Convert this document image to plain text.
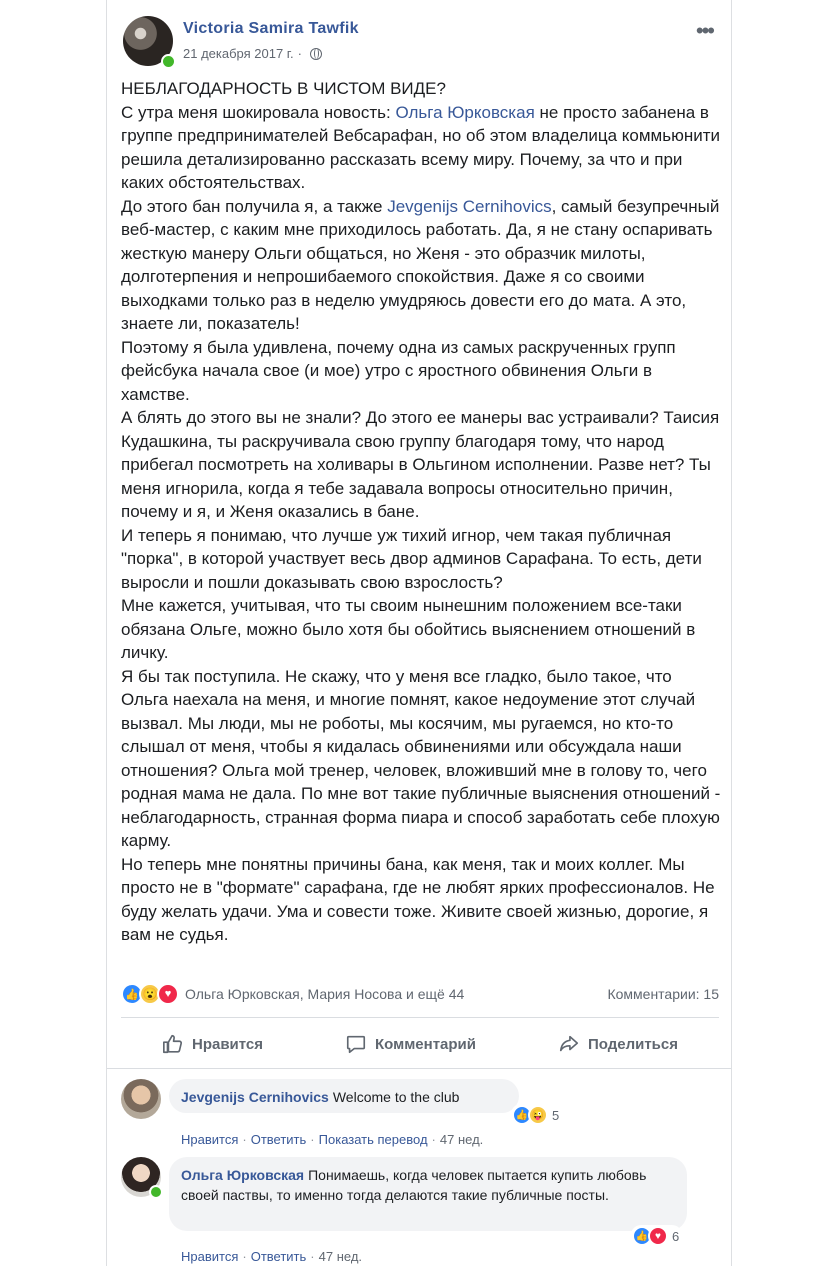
Victoria Samira Tawfik
21 декабря 2017 г. ·
•••

НЕБЛАГОДАРНОСТЬ В ЧИСТОМ ВИДЕ?

С утра меня шокировала новость: Ольга Юрковская не просто забанена в группе предпринимателей Вебсарафан, но об этом владелица коммьюнити решила детализированно рассказать всему миру. Почему, за что и при каких обстоятельствах.

До этого бан получила я, а также Jevgenijs Cernihovics, самый безупречный веб-мастер, с каким мне приходилось работать. Да, я не стану оспаривать жесткую манеру Ольги общаться, но Женя - это образчик милоты, долготерпения и непрошибаемого спокойствия. Даже я со своими выходками только раз в неделю умудряюсь довести его до мата. А это, знаете ли, показатель!

Поэтому я была удивлена, почему одна из самых раскрученных групп фейсбука начала свое (и мое) утро с яростного обвинения Ольги в хамстве.

А блять до этого вы не знали? До этого ее манеры вас устраивали? Таисия Кудашкина, ты раскручивала свою группу благодаря тому, что народ прибегал посмотреть на холивары в Ольгином исполнении. Разве нет? Ты меня игнорила, когда я тебе задавала вопросы относительно причин, почему и я, и Женя оказались в бане.

И теперь я понимаю, что лучше уж тихий игнор, чем такая публичная "порка", в которой участвует весь двор админов Сарафана. То есть, дети выросли и пошли доказывать свою взрослость?

Мне кажется, учитывая, что ты своим нынешним положением все-таки обязана Ольге, можно было хотя бы обойтись выяснением отношений в личку.

Я бы так поступила. Не скажу, что у меня все гладко, было такое, что Ольга наехала на меня, и многие помнят, какое недоумение этот случай вызвал. Мы люди, мы не роботы, мы косячим, мы ругаемся, но кто-то слышал от меня, чтобы я кидалась обвинениями или обсуждала наши отношения? Ольга мой тренер, человек, вложивший мне в голову то, чего родная мама не дала. По мне вот такие публичные выяснения отношений - неблагодарность, странная форма пиара и способ заработать себе плохую карму.

Но теперь мне понятны причины бана, как меня, так и моих коллег. Мы просто не в "формате" сарафана, где не любят ярких профессионалов. Не буду желать удачи. Ума и совести тоже. Живите своей жизнью, дорогие, я вам не судья.

👍 😮 ♥ Ольга Юрковская, Мария Носова и ещё 44	Комментарии: 15
Нравится	Комментарий	Поделиться
Jevgenijs Cernihovics Welcome to the club
👍 😜 5
Нравится · Ответить · Показать перевод · 47 нед.
Ольга Юрковская Понимаешь, когда человек пытается купить любовь своей паствы, то именно тогда делаются такие публичные посты.
👍 ♥ 6
Нравится · Ответить · 47 нед.
